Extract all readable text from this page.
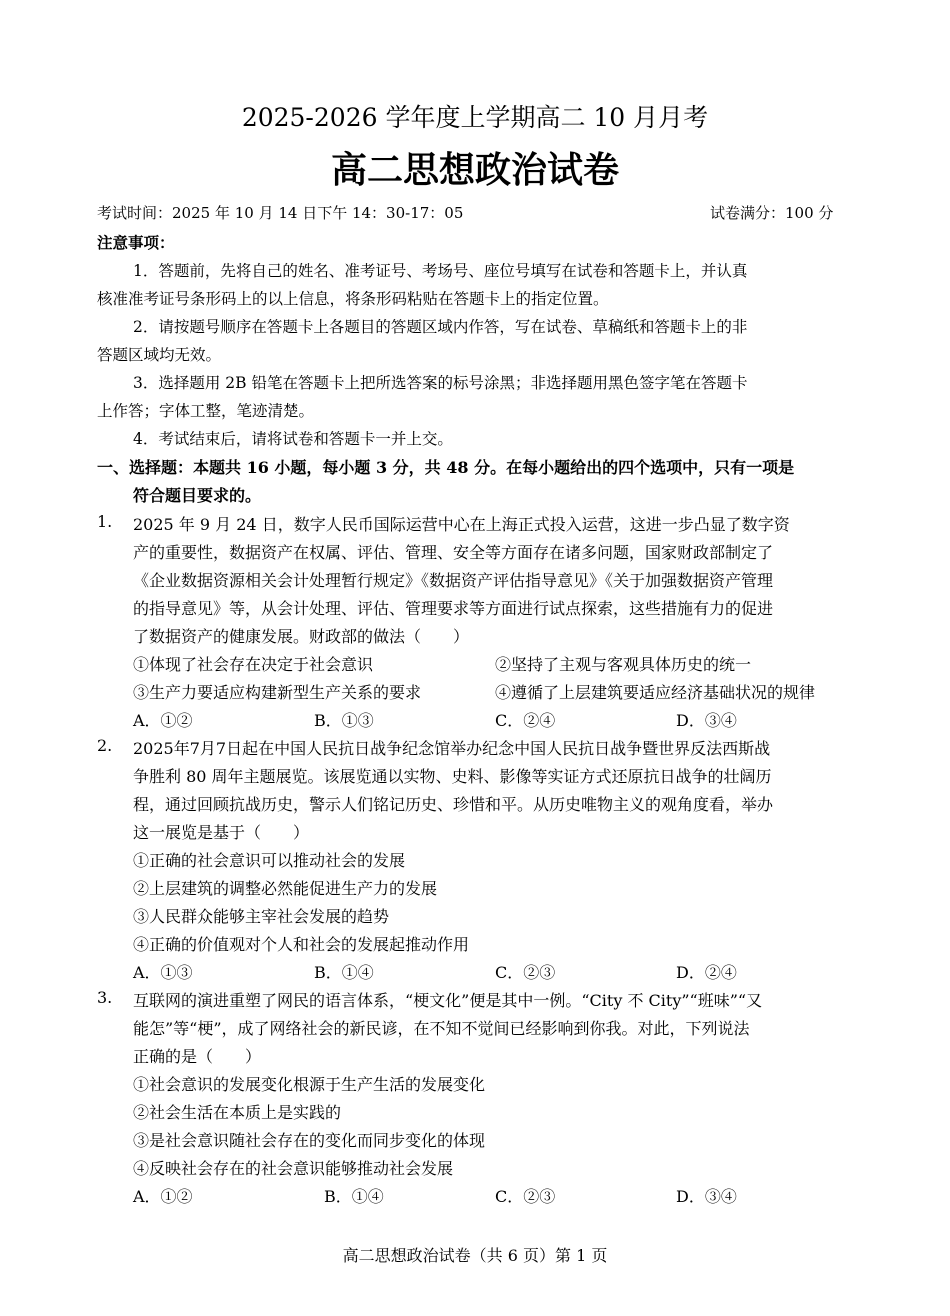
2025-2026 学年度上学期高二 10 月月考
高二思想政治试卷
考试时间：2025 年 10 月 14 日下午 14：30-17：05	试卷满分：100 分
注意事项：
1．答题前，先将自己的姓名、准考证号、考场号、座位号填写在试卷和答题卡上，并认真
核准准考证号条形码上的以上信息，将条形码粘贴在答题卡上的指定位置。
2．请按题号顺序在答题卡上各题目的答题区域内作答，写在试卷、草稿纸和答题卡上的非
答题区域均无效。
3．选择题用 2B 铅笔在答题卡上把所选答案的标号涂黑；非选择题用黑色签字笔在答题卡
上作答；字体工整，笔迹清楚。
4．考试结束后，请将试卷和答题卡一并上交。
一、选择题：本题共 16 小题，每小题 3 分，共 48 分。在每小题给出的四个选项中，只有一项是
符合题目要求的。
1. 2025 年 9 月 24 日，数字人民币国际运营中心在上海正式投入运营，这进一步凸显了数字资
产的重要性，数据资产在权属、评估、管理、安全等方面存在诸多问题，国家财政部制定了
《企业数据资源相关会计处理暂行规定》《数据资产评估指导意见》《关于加强数据资产管理
的指导意见》等，从会计处理、评估、管理要求等方面进行试点探索，这些措施有力的促进
了数据资产的健康发展。财政部的做法（　　）
①体现了社会存在决定于社会意识	②坚持了主观与客观具体历史的统一
③生产力要适应构建新型生产关系的要求	④遵循了上层建筑要适应经济基础状况的规律
A．①②	B．①③	C．②④	D．③④
2. 2025年7月7日起在中国人民抗日战争纪念馆举办纪念中国人民抗日战争暨世界反法西斯战
争胜利 80 周年主题展览。该展览通以实物、史料、影像等实证方式还原抗日战争的壮阔历
程，通过回顾抗战历史，警示人们铭记历史、珍惜和平。从历史唯物主义的观角度看，举办
这一展览是基于（　　）
①正确的社会意识可以推动社会的发展
②上层建筑的调整必然能促进生产力的发展
③人民群众能够主宰社会发展的趋势
④正确的价值观对个人和社会的发展起推动作用
A．①③	B．①④	C．②③	D．②④
3. 互联网的演进重塑了网民的语言体系，“梗文化”便是其中一例。“City 不 City”“班味”“又
能怎”等“梗”，成了网络社会的新民谚，在不知不觉间已经影响到你我。对此，下列说法
正确的是（　　）
①社会意识的发展变化根源于生产生活的发展变化
②社会生活在本质上是实践的
③是社会意识随社会存在的变化而同步变化的体现
④反映社会存在的社会意识能够推动社会发展
A．①②	B．①④	C．②③	D．③④
高二思想政治试卷（共 6 页）第 1 页
